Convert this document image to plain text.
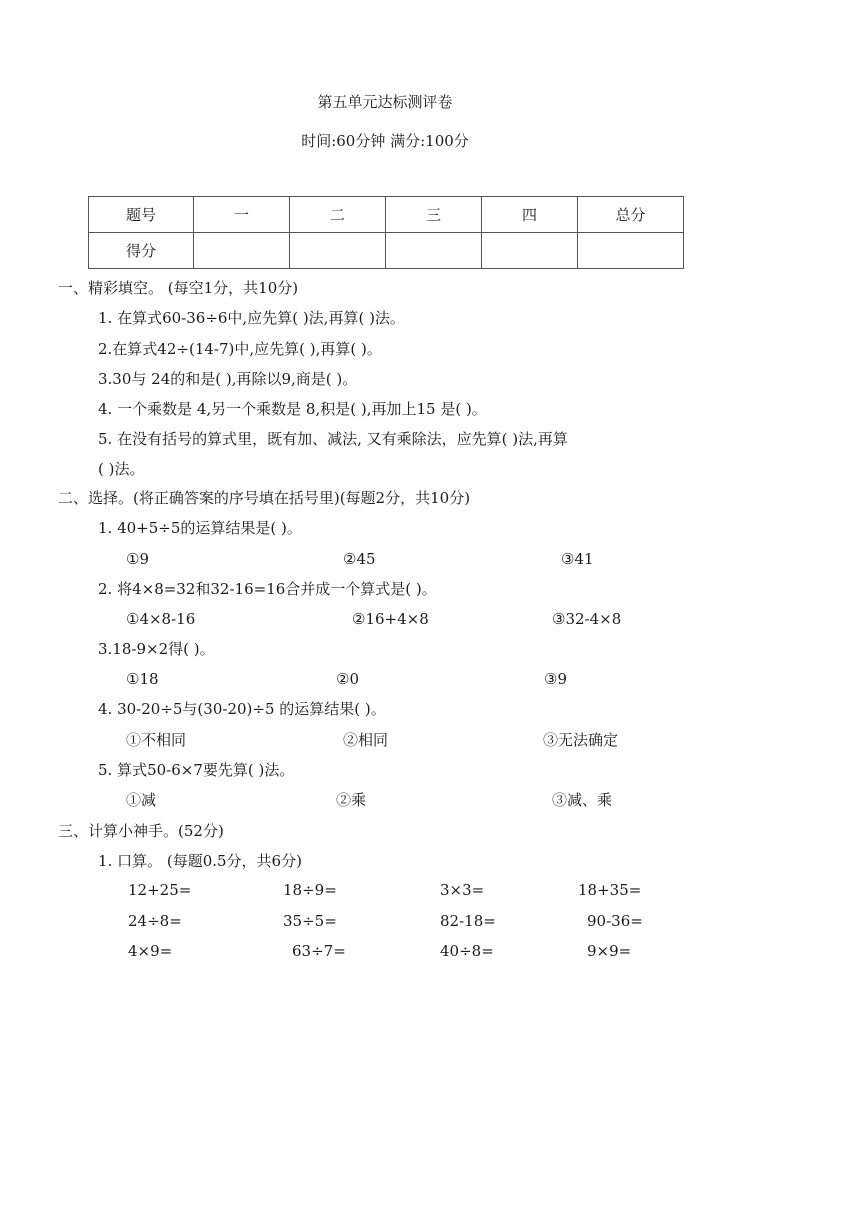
第五单元达标测评卷
时间:60分钟 满分:100分
题号	一	二	三	四	总分
得分					
一、精彩填空。 (每空1分，共10分)
1. 在算式60-36÷6中,应先算( )法,再算( )法。
2.在算式42÷(14-7)中,应先算( ),再算( )。
3.30与 24的和是( ),再除以9,商是( )。
4. 一个乘数是 4,另一个乘数是 8,积是( ),再加上15 是( )。
5. 在没有括号的算式里，既有加、减法, 又有乘除法，应先算( )法,再算
( )法。
二、选择。(将正确答案的序号填在括号里)(每题2分，共10分)
1. 40+5÷5的运算结果是( )。
①9	②45	③41
2. 将4×8=32和32-16=16合并成一个算式是( )。
①4×8-16	②16+4×8	③32-4×8
3.18-9×2得( )。
①18	②0	③9
4. 30-20÷5与(30-20)÷5 的运算结果( )。
①不相同	②相同	③无法确定
5. 算式50-6×7要先算( )法。
①减	②乘	③减、乘
三、计算小神手。(52分)
1. 口算。 (每题0.5分，共6分)
12+25=	18÷9=	3×3=	18+35=
24÷8=	35÷5=	82-18=	90-36=
4×9=	63÷7=	40÷8=	9×9=
